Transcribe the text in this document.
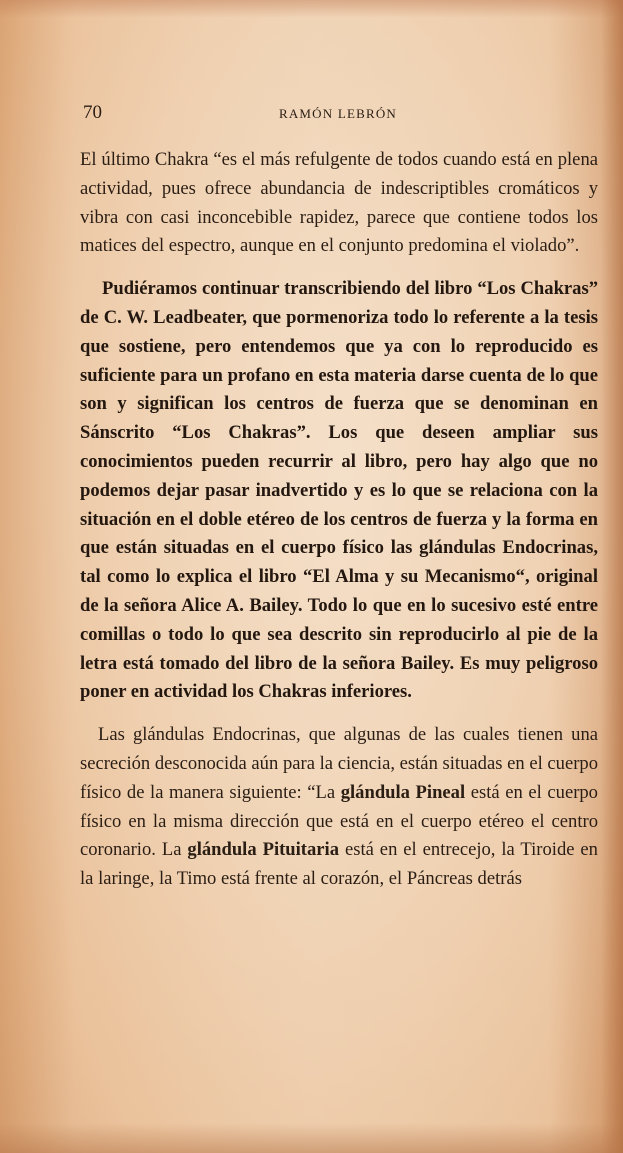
70	RAMÓN LEBRÓN

El último Chakra “es el más refulgente de todos cuando está en plena actividad, pues ofrece abundancia de indescriptibles cromáticos y vibra con casi inconcebible rapidez, parece que contiene todos los matices del espectro, aunque en el conjunto predomina el violado”.

Pudiéramos continuar transcribiendo del libro “Los Chakras” de C. W. Leadbeater, que pormenoriza todo lo referente a la tesis que sostiene, pero entendemos que ya con lo reproducido es suficiente para un profano en esta materia darse cuenta de lo que son y significan los centros de fuerza que se denominan en Sánscrito “Los Chakras”. Los que deseen ampliar sus conocimientos pueden recurrir al libro, pero hay algo que no podemos dejar pasar inadvertido y es lo que se relaciona con la situación en el doble etéreo de los centros de fuerza y la forma en que están situadas en el cuerpo físico las glándulas Endocrinas, tal como lo explica el libro “El Alma y su Mecanismo“, original de la señora Alice A. Bailey. Todo lo que en lo sucesivo esté entre comillas o todo lo que sea descrito sin reproducirlo al pie de la letra está tomado del libro de la señora Bailey. Es muy peligroso poner en actividad los Chakras inferiores.

Las glándulas Endocrinas, que algunas de las cuales tienen una secreción desconocida aún para la ciencia, están situadas en el cuerpo físico de la manera siguiente: “La glándula Pineal está en el cuerpo físico en la misma dirección que está en el cuerpo etéreo el centro coronario. La glándula Pituitaria está en el entrecejo, la Tiroide en la laringe, la Timo está frente al corazón, el Páncreas detrás
